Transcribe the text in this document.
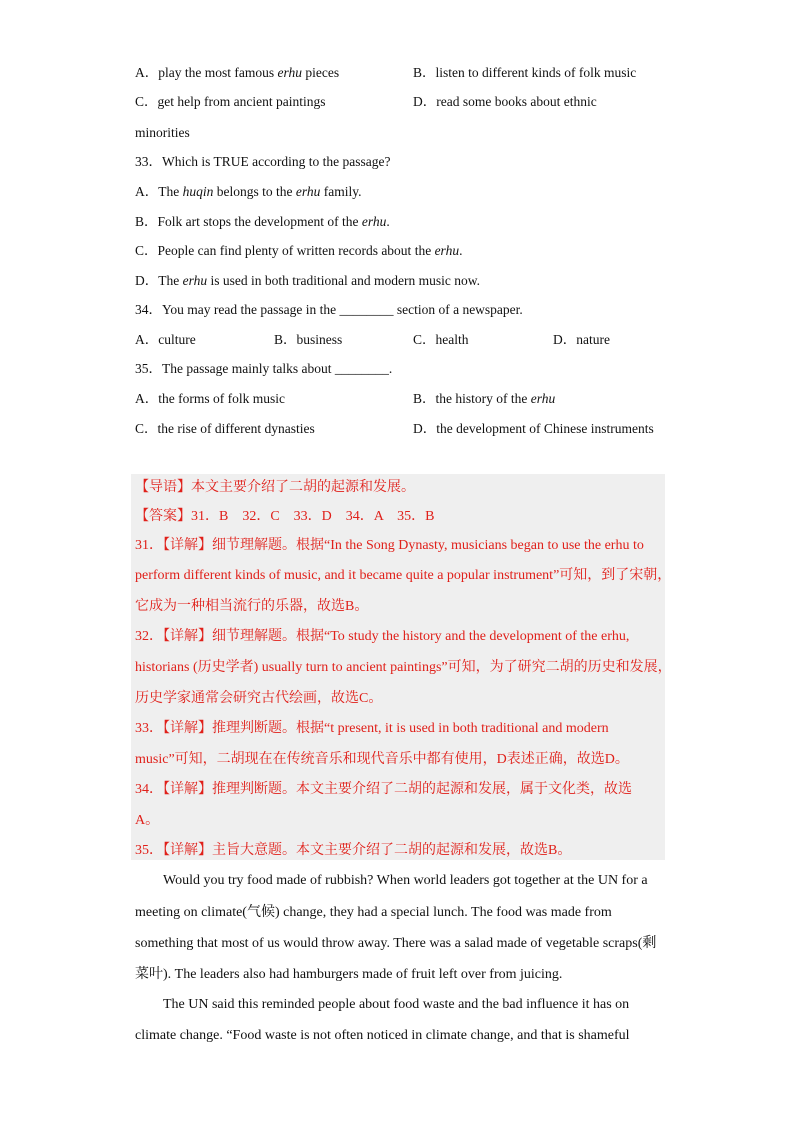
A．play the most famous erhu pieces	B．listen to different kinds of folk music
C．get help from ancient paintings	D．read some books about ethnic
minorities
33．Which is TRUE according to the passage?
A．The huqin belongs to the erhu family.
B．Folk art stops the development of the erhu.
C．People can find plenty of written records about the erhu.
D．The erhu is used in both traditional and modern music now.
34．You may read the passage in the ________ section of a newspaper.
A．culture	B．business	C．health	D．nature
35．The passage mainly talks about ________.
A．the forms of folk music	B．the history of the erhu
C．the rise of different dynasties	D．the development of Chinese instruments
【导语】本文主要介绍了二胡的起源和发展。
【答案】31．B　32．C　33．D　34．A　35．B
31．【详解】细节理解题。根据“In the Song Dynasty, musicians began to use the erhu to
perform different kinds of music, and it became quite a popular instrument”可知，到了宋朝，
它成为一种相当流行的乐器，故选B。
32．【详解】细节理解题。根据“To study the history and the development of the erhu,
historians (历史学者) usually turn to ancient paintings”可知，为了研究二胡的历史和发展，
历史学家通常会研究古代绘画，故选C。
33．【详解】推理判断题。根据“t present, it is used in both traditional and modern
music”可知，二胡现在在传统音乐和现代音乐中都有使用，D表述正确，故选D。
34．【详解】推理判断题。本文主要介绍了二胡的起源和发展，属于文化类，故选
A。
35．【详解】主旨大意题。本文主要介绍了二胡的起源和发展，故选B。
Would you try food made of rubbish? When world leaders got together at the UN for a
meeting on climate(气候) change, they had a special lunch. The food was made from
something that most of us would throw away. There was a salad made of vegetable scraps(剩
菜叶). The leaders also had hamburgers made of fruit left over from juicing.
The UN said this reminded people about food waste and the bad influence it has on
climate change. “Food waste is not often noticed in climate change, and that is shameful
